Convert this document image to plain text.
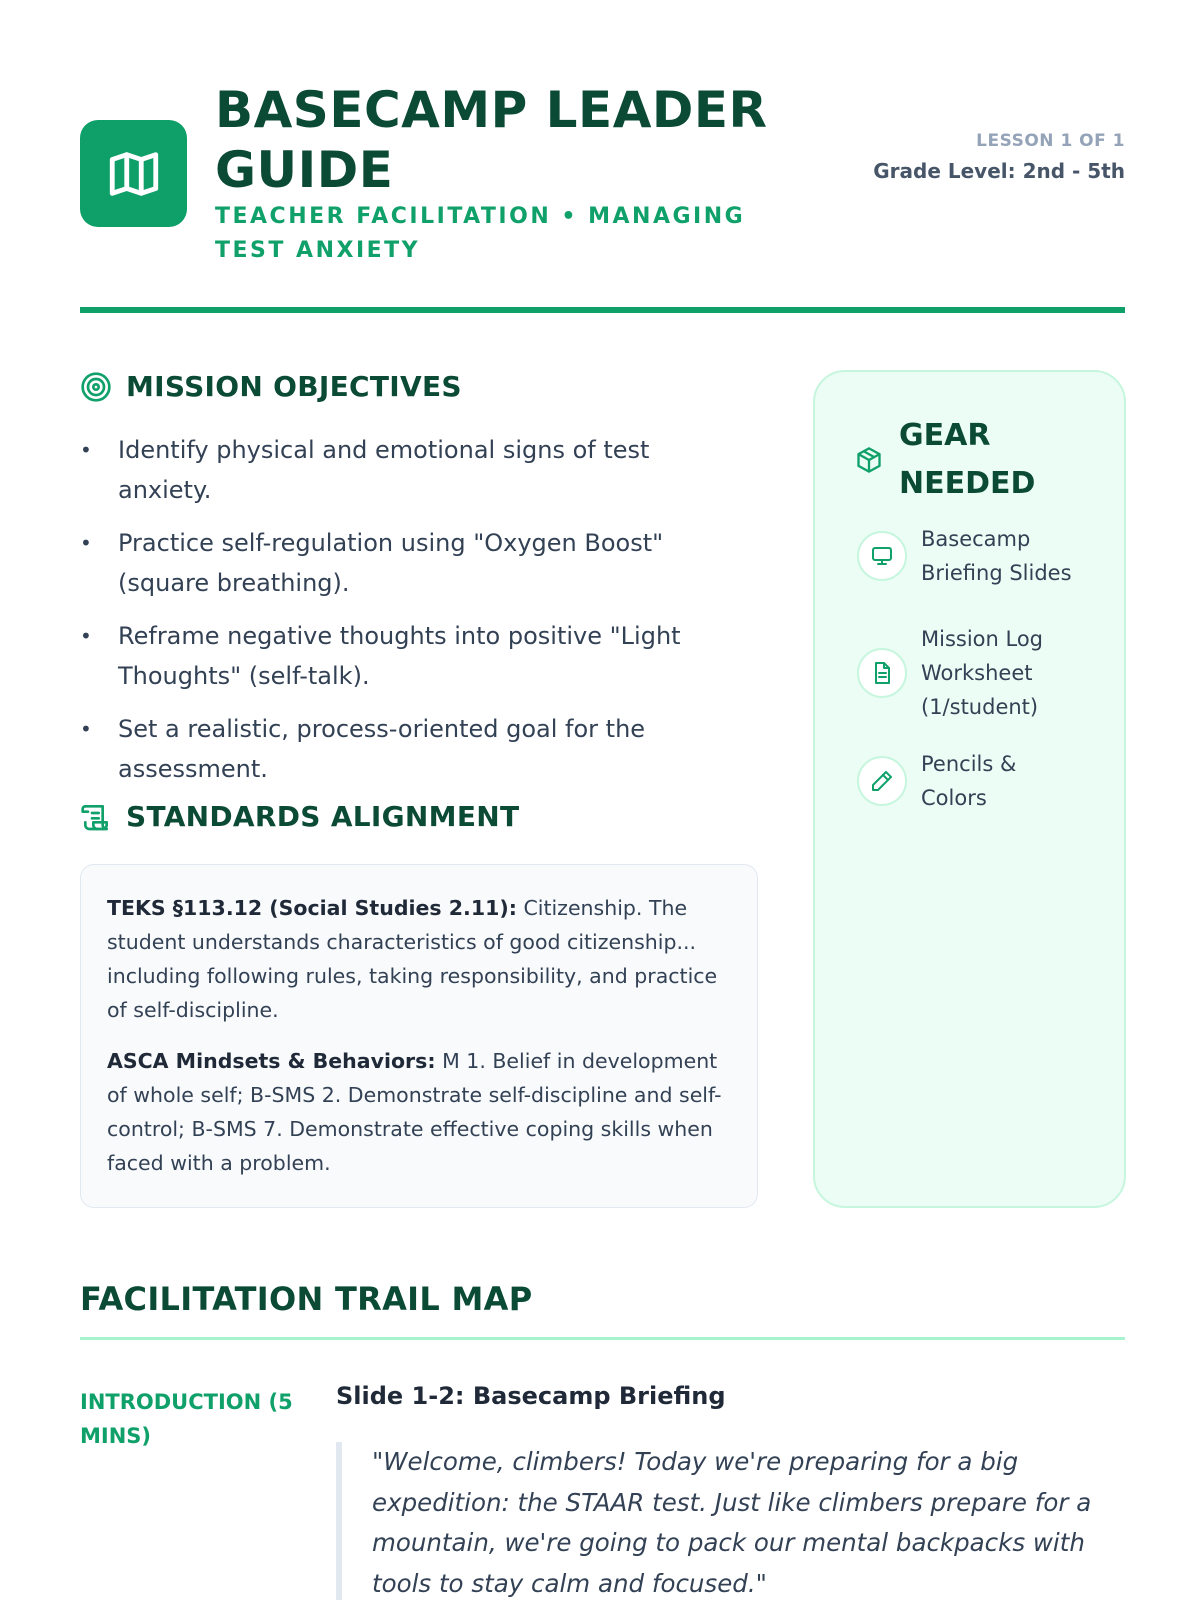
BASECAMP LEADER GUIDE
TEACHER FACILITATION • MANAGING TEST ANXIETY
LESSON 1 OF 1
Grade Level: 2nd - 5th
MISSION OBJECTIVES
• Identify physical and emotional signs of test anxiety.
• Practice self-regulation using "Oxygen Boost" (square breathing).
• Reframe negative thoughts into positive "Light Thoughts" (self-talk).
• Set a realistic, process-oriented goal for the assessment.
STANDARDS ALIGNMENT

TEKS §113.12 (Social Studies 2.11): Citizenship. The student understands characteristics of good citizenship... including following rules, taking responsibility, and practice of self-discipline.

ASCA Mindsets & Behaviors: M 1. Belief in development of whole self; B-SMS 2. Demonstrate self-discipline and self-control; B-SMS 7. Demonstrate effective coping skills when faced with a problem.

GEAR NEEDED
Basecamp Briefing Slides
Mission Log Worksheet (1/student)
Pencils & Colors
FACILITATION TRAIL MAP
INTRODUCTION (5 MINS)
Slide 1-2: Basecamp Briefing
"Welcome, climbers! Today we're preparing for a big expedition: the STAAR test. Just like climbers prepare for a mountain, we're going to pack our mental backpacks with tools to stay calm and focused."
